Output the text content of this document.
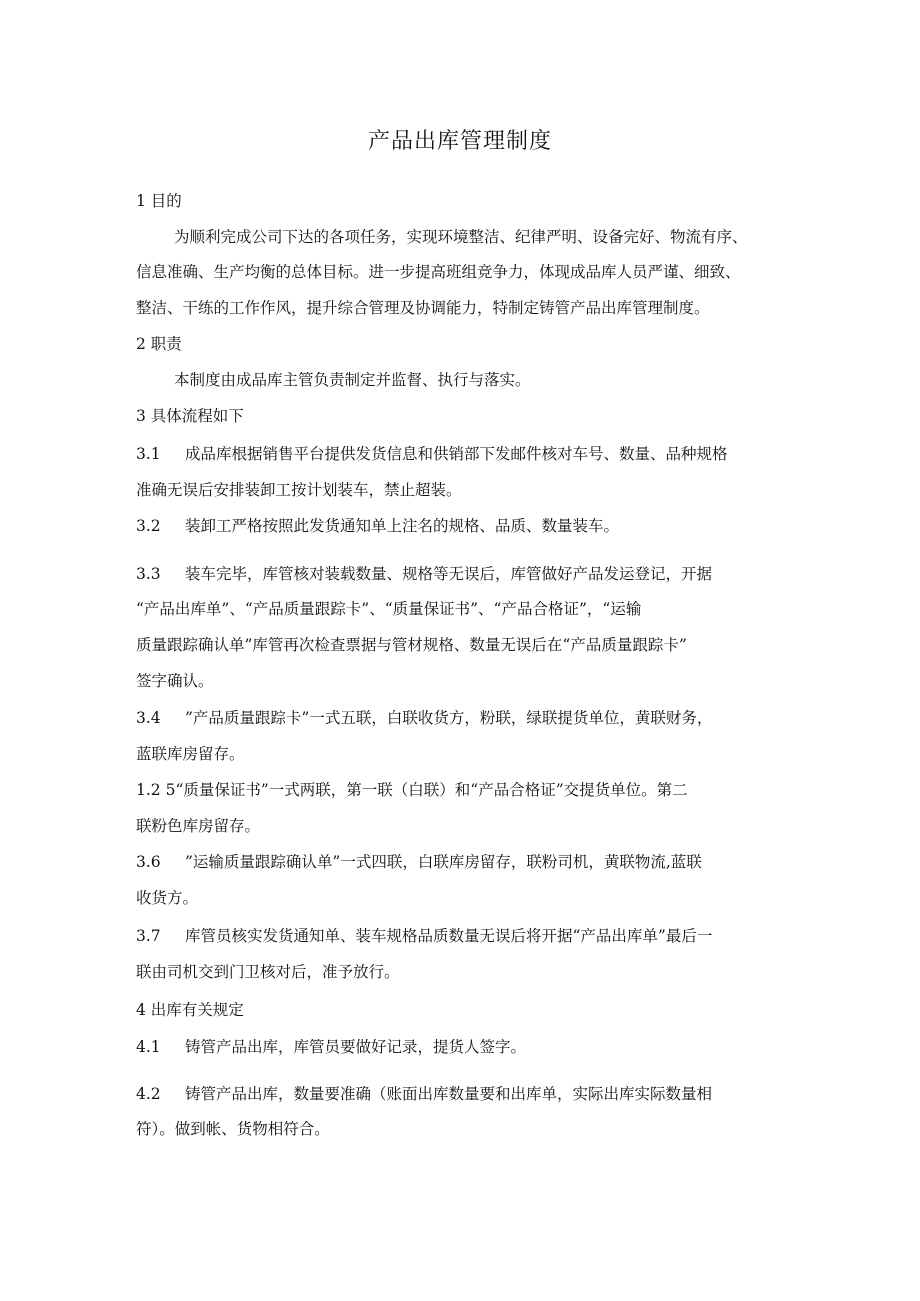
产品出库管理制度
1 目的
为顺利完成公司下达的各项任务，实现环境整洁、纪律严明、设备完好、物流有序、
信息准确、生产均衡的总体目标。进一步提高班组竞争力，体现成品库人员严谨、细致、
整洁、干练的工作作风，提升综合管理及协调能力，特制定铸管产品出库管理制度。
2 职责
本制度由成品库主管负责制定并监督、执行与落实。
3 具体流程如下
3.1 成品库根据销售平台提供发货信息和供销部下发邮件核对车号、数量、品种规格
准确无误后安排装卸工按计划装车，禁止超装。
3.2 装卸工严格按照此发货通知单上注名的规格、品质、数量装车。
3.3 装车完毕，库管核对装载数量、规格等无误后，库管做好产品发运登记，开据
“产品出库单”、“产品质量跟踪卡”、“质量保证书”、“产品合格证”，“运输
质量跟踪确认单”库管再次检查票据与管材规格、数量无误后在“产品质量跟踪卡”
签字确认。
3.4 ”产品质量跟踪卡”一式五联，白联收货方，粉联，绿联提货单位，黄联财务，
蓝联库房留存。
1.2 5“质量保证书”一式两联，第一联（白联）和“产品合格证”交提货单位。第二
联粉色库房留存。
3.6 ”运输质量跟踪确认单”一式四联，白联库房留存，联粉司机，黄联物流,蓝联
收货方。
3.7 库管员核实发货通知单、装车规格品质数量无误后将开据“产品出库单”最后一
联由司机交到门卫核对后，准予放行。
4 出库有关规定
4.1 铸管产品出库，库管员要做好记录，提货人签字。
4.2 铸管产品出库，数量要准确（账面出库数量要和出库单，实际出库实际数量相
符）。做到帐、货物相符合。
